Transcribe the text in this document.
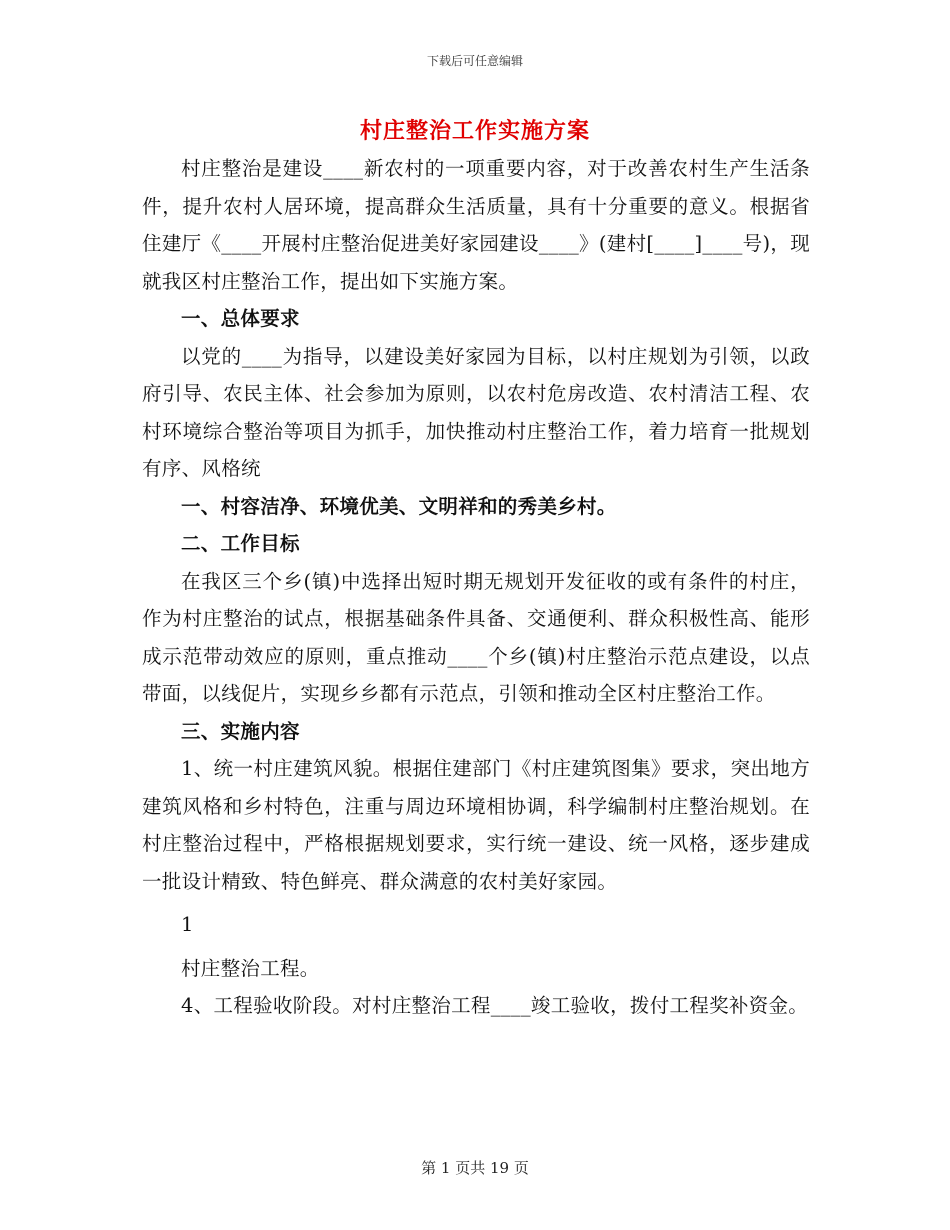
下载后可任意编辑
村庄整治工作实施方案

村庄整治是建设____新农村的一项重要内容，对于改善农村生产生活条件，提升农村人居环境，提高群众生活质量，具有十分重要的意义。根据省住建厅《____开展村庄整治促进美好家园建设____》(建村[____]____号)，现就我区村庄整治工作，提出如下实施方案。

一、总体要求

以党的____为指导，以建设美好家园为目标，以村庄规划为引领，以政府引导、农民主体、社会参加为原则，以农村危房改造、农村清洁工程、农村环境综合整治等项目为抓手，加快推动村庄整治工作，着力培育一批规划有序、风格统

一、村容洁净、环境优美、文明祥和的秀美乡村。

二、工作目标

在我区三个乡(镇)中选择出短时期无规划开发征收的或有条件的村庄，作为村庄整治的试点，根据基础条件具备、交通便利、群众积极性高、能形成示范带动效应的原则，重点推动____个乡(镇)村庄整治示范点建设，以点带面，以线促片，实现乡乡都有示范点，引领和推动全区村庄整治工作。

三、实施内容

1、统一村庄建筑风貌。根据住建部门《村庄建筑图集》要求，突出地方建筑风格和乡村特色，注重与周边环境相协调，科学编制村庄整治规划。在村庄整治过程中，严格根据规划要求，实行统一建设、统一风格，逐步建成一批设计精致、特色鲜亮、群众满意的农村美好家园。

1

村庄整治工程。

4、工程验收阶段。对村庄整治工程____竣工验收，拨付工程奖补资金。

第 1 页共 19 页
